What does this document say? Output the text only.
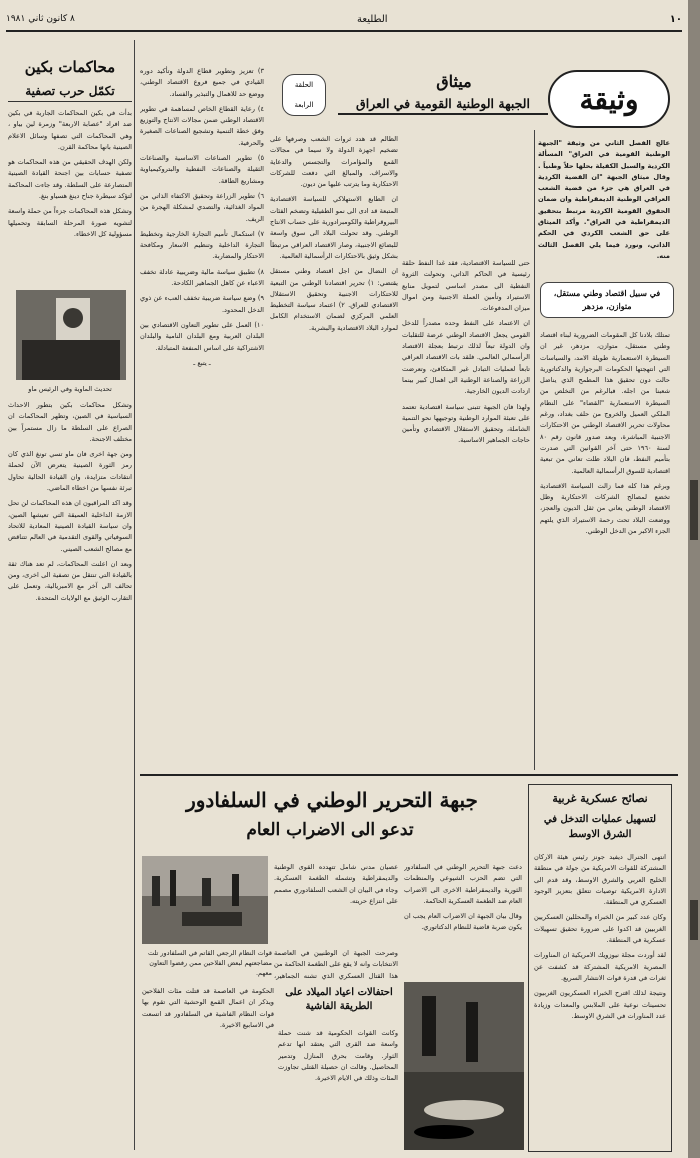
١٠
الطليعة
٨ كانون ثاني ١٩٨١
وثيقة
ميثاق
الجبهة الوطنية القومية في العراق
الحلقة
الرابعة

عالج الفصل الثاني من وثيقة "الجبهة الوطنية القومية في العراق" المسألة الكردية والسبل الكفيلة بحلها حلاً وطنياً . وقال ميثاق الجبهة "ان القضية الكردية في العراق هي جزء من قضية الشعب العراقي الوطنية الديمقراطية وان ضمان الحقوق القومية الكردية مرتبط بتحقيق الديمقراطية في العراق". وأكد الميثاق على حق الشعب الكردي في الحكم الذاتي، ونورد فيما يلي الفصل الثالث منه.

في سبيل اقتصاد وطني مستقل، متوازن، مزدهر

تمتلك بلادنا كل المقومات الضرورية لبناء اقتصاد وطني مستقل، متوازن، مزدهر، غير ان السيطرة الاستعمارية طويلة الامد، والسياسات التي انتهجتها الحكومات البرجوازية والدكتاتورية حالت دون تحقيق هذا المطمح الذي يناضل شعبنا من اجله. فبالرغم من التخلص من السيطرة الاستعمارية "القضاء" على النظام الملكي العميل والخروج من حلف بغداد، ورغم محاولات تحرير الاقتصاد الوطني من الاحتكارات الاجنبية المباشرة، وبعد صدور قانون رقم ٨٠ لسنة ١٩٦٠ حتى آخر القوانين التي صدرت بتأميم النفط، فان البلاد ظلت تعاني من تبعية اقتصادية للسوق الرأسمالية العالمية.

وبرغم هذا كله فما زالت السياسة الاقتصادية تخضع لمصالح الشركات الاحتكارية وظل الاقتصاد الوطني يعاني من ثقل الديون والعجز، ووضعت البلاد تحت رحمة الاستيراد الذي يلتهم الجزء الاكبر من الدخل الوطني.

حتى للسياسة الاقتصادية، فقد غدا النفط حلقة رئيسية في الحاكم الذاتي، وتحولت الثروة النفطية الى مصدر اساسي لتمويل منابع الاستيراد وتأمين العملة الاجنبية ومن اموال ميزان المدفوعات.

ان الاعتماد على النفط وحده مصدراً للدخل القومي يجعل الاقتصاد الوطني عرضة للتقلبات وان الدولة تبعاً لذلك ترتبط بعجلة الاقتصاد الرأسمالي العالمي. فلقد بات الاقتصاد العراقي تابعاً لعمليات التبادل غير المتكافئ، وتعرضت الزراعة والصناعة الوطنية الى اهمال كبير بينما ازدادت الديون الخارجية.

ولهذا فان الجبهة تتبنى سياسة اقتصادية تعتمد على تعبئة الموارد الوطنية وتوجيهها نحو التنمية الشاملة، وتحقيق الاستقلال الاقتصادي وتأمين حاجات الجماهير الاساسية.

الظالم قد هدد ثروات الشعب وصرفها على تضخيم اجهزة الدولة ولا سيما في مجالات القمع والمؤامرات والتجسس والدعاية والاسراف. والمبالغ التي دفعت للشركات الاحتكارية وما يترتب عليها من ديون.

ان الطابع الاستهلاكي للسياسة الاقتصادية المتبعة قد ادى الى نمو الطفيلية وتضخم الفئات البيروقراطية والكومبرادورية على حساب الانتاج الوطني. وقد تحولت البلاد الى سوق واسعة للبضائع الاجنبية، وصار الاقتصاد العراقي مرتبطاً بشكل وثيق بالاحتكارات الرأسمالية العالمية.

ان النضال من اجل اقتصاد وطني مستقل يقتضي: ١) تحرير اقتصادنا الوطني من التبعية للاحتكارات الاجنبية وتحقيق الاستقلال الاقتصادي للعراق. ٢) اعتماد سياسة التخطيط العلمي المركزي لضمان الاستخدام الكامل لموارد البلاد الاقتصادية والبشرية.

٣) تعزيز وتطوير قطاع الدولة وتأكيد دوره القيادي في جميع فروع الاقتصاد الوطني، ووضع حد للاهمال والتبذير والفساد.

٤) رعاية القطاع الخاص لمساهمة في تطوير الاقتصاد الوطني ضمن مجالات الانتاج والتوزيع وفق خطة التنمية وتشجيع الصناعات الصغيرة والحرفية.

٥) تطوير الصناعات الاساسية والصناعات الثقيلة والصناعات النفطية والبتروكيمياوية ومشاريع الطاقة.

٦) تطوير الزراعة وتحقيق الاكتفاء الذاتي من المواد الغذائية، والتصدي لمشكلة الهجرة من الريف.

٧) استكمال تأميم التجارة الخارجية وتخطيط التجارة الداخلية وتنظيم الاسعار ومكافحة الاحتكار والمضاربة.

٨) تطبيق سياسة مالية وضريبية عادلة تخفف الاعباء عن كاهل الجماهير الكادحة.

٩) وضع سياسة ضريبية تخفف العبء عن ذوي الدخل المحدود.

١٠) العمل على تطوير التعاون الاقتصادي بين البلدان العربية ومع البلدان النامية والبلدان الاشتراكية على اساس المنفعة المتبادلة.

ـ يتبع ـ

جبهة التحرير الوطني في السلفادور
تدعو الى الاضراب العام

دعت جبهة التحرير الوطني في السلفادور التي تضم الحزب الشيوعي والمنظمات الثورية والديمقراطية الاخرى الى الاضراب العام ضد الطغمة العسكرية الحاكمة.

وقال بيان الجبهة ان الاضراب العام يجب ان يكون ضربة قاضية للنظام الدكتاتوري.

عصيان مدني شامل تتهدده القوى الوطنية والديمقراطية وتشمله الطغمة العسكرية. وجاء في البيان ان الشعب السلفادوري مصمم على انتزاع حريته.

قوات النظام الرجعي القاتم في السلفادور تلت مضاجعتهم لبعض الفلاحين ممن رفضوا التعاون معهم.

وصرحت الجبهة ان الوطنيين في العاصمة الانتخابات وانه لا يقع على الطغمة الحاكمة من هذا القتال العسكري الذي تشنه الجماهير،

احتفالات اعياد الميلاد على الطريقة الفاشية

الحكومة في العاصمة قد قتلت مئات الفلاحين ويذكر ان اعمال القمع الوحشية التي تقوم بها قوات النظام الفاشية في السلفادور قد اتسعت في الاسابيع الاخيرة.

وكانت القوات الحكومية قد شنت حملة واسعة ضد القرى التي يعتقد انها تدعم الثوار. وقامت بحرق المنازل وتدمير المحاصيل. وقالت ان حصيلة القتلى تجاوزت المئات وذلك في الايام الاخيرة.

نصائح عسكرية غربية
لتسهيل عمليات التدخل في الشرق الاوسط

انتهى الجنرال ديفيد جونز رئيس هيئة الاركان المشتركة للقوات الامريكية من جولة في منطقة الخليج العربي والشرق الاوسط، وقد قدم الى الادارة الامريكية توصيات تتعلق بتعزيز الوجود العسكري في المنطقة.

وكان عدد كبير من الخبراء والمحللين العسكريين الغربيين قد اكدوا على ضرورة تحقيق تسهيلات عسكرية في المنطقة.

لقد أوردت مجلة نيوزويك الامريكية ان المناورات المصرية الامريكية المشتركة قد كشفت عن ثغرات في قدرة قوات الانتشار السريع.

ونتيجة لذلك اقترح الخبراء العسكريون الغربيون تحسينات نوعية على الملابس والمعدات وزيادة عدد المناورات في الشرق الاوسط.

محاكمات بكين
تكمّل حرب تصفية

بدأت في بكين المحاكمات الجارية في بكين ضد افراد "عصابة الاربعة" وزمرة لين بياو ، وهي المحاكمات التي تصفها وسائل الاعلام الصينية بانها محاكمة القرن.

ولكن الهدف الحقيقي من هذه المحاكمات هو تصفية حسابات بين اجنحة القيادة الصينية المتصارعة على السلطة. وقد جاءت المحاكمة لتؤكد سيطرة جناح دينغ هسياو بنغ.

وتشكل هذه المحاكمات جزءاً من حملة واسعة لتشويه صورة المرحلة السابقة وتحميلها مسؤولية كل الاخطاء.

تحديث الماوية وفي الرئيس ماو

وتشكل محاكمات بكين بتطور الاحداث السياسية في الصين، وتظهر المحاكمات ان الصراع على السلطة ما زال مستمراً بين مختلف الاجنحة.

ومن جهة اخرى فان ماو تسي تونغ الذي كان رمز الثورة الصينية يتعرض الآن لحملة انتقادات متزايدة، وان القيادة الحالية تحاول تبرئة نفسها من اخطاء الماضي.

وقد اكد المراقبون ان هذه المحاكمات لن تحل الازمة الداخلية العميقة التي تعيشها الصين، وان سياسة القيادة الصينية المعادية للاتحاد السوفياتي والقوى التقدمية في العالم تتناقض مع مصالح الشعب الصيني.

وبعد ان اعلنت المحاكمات، لم تعد هناك ثقة بالقيادة التي تنتقل من تصفية الى اخرى، ومن تحالف الى آخر مع الامبريالية، وتعمل على التقارب الوثيق مع الولايات المتحدة.
